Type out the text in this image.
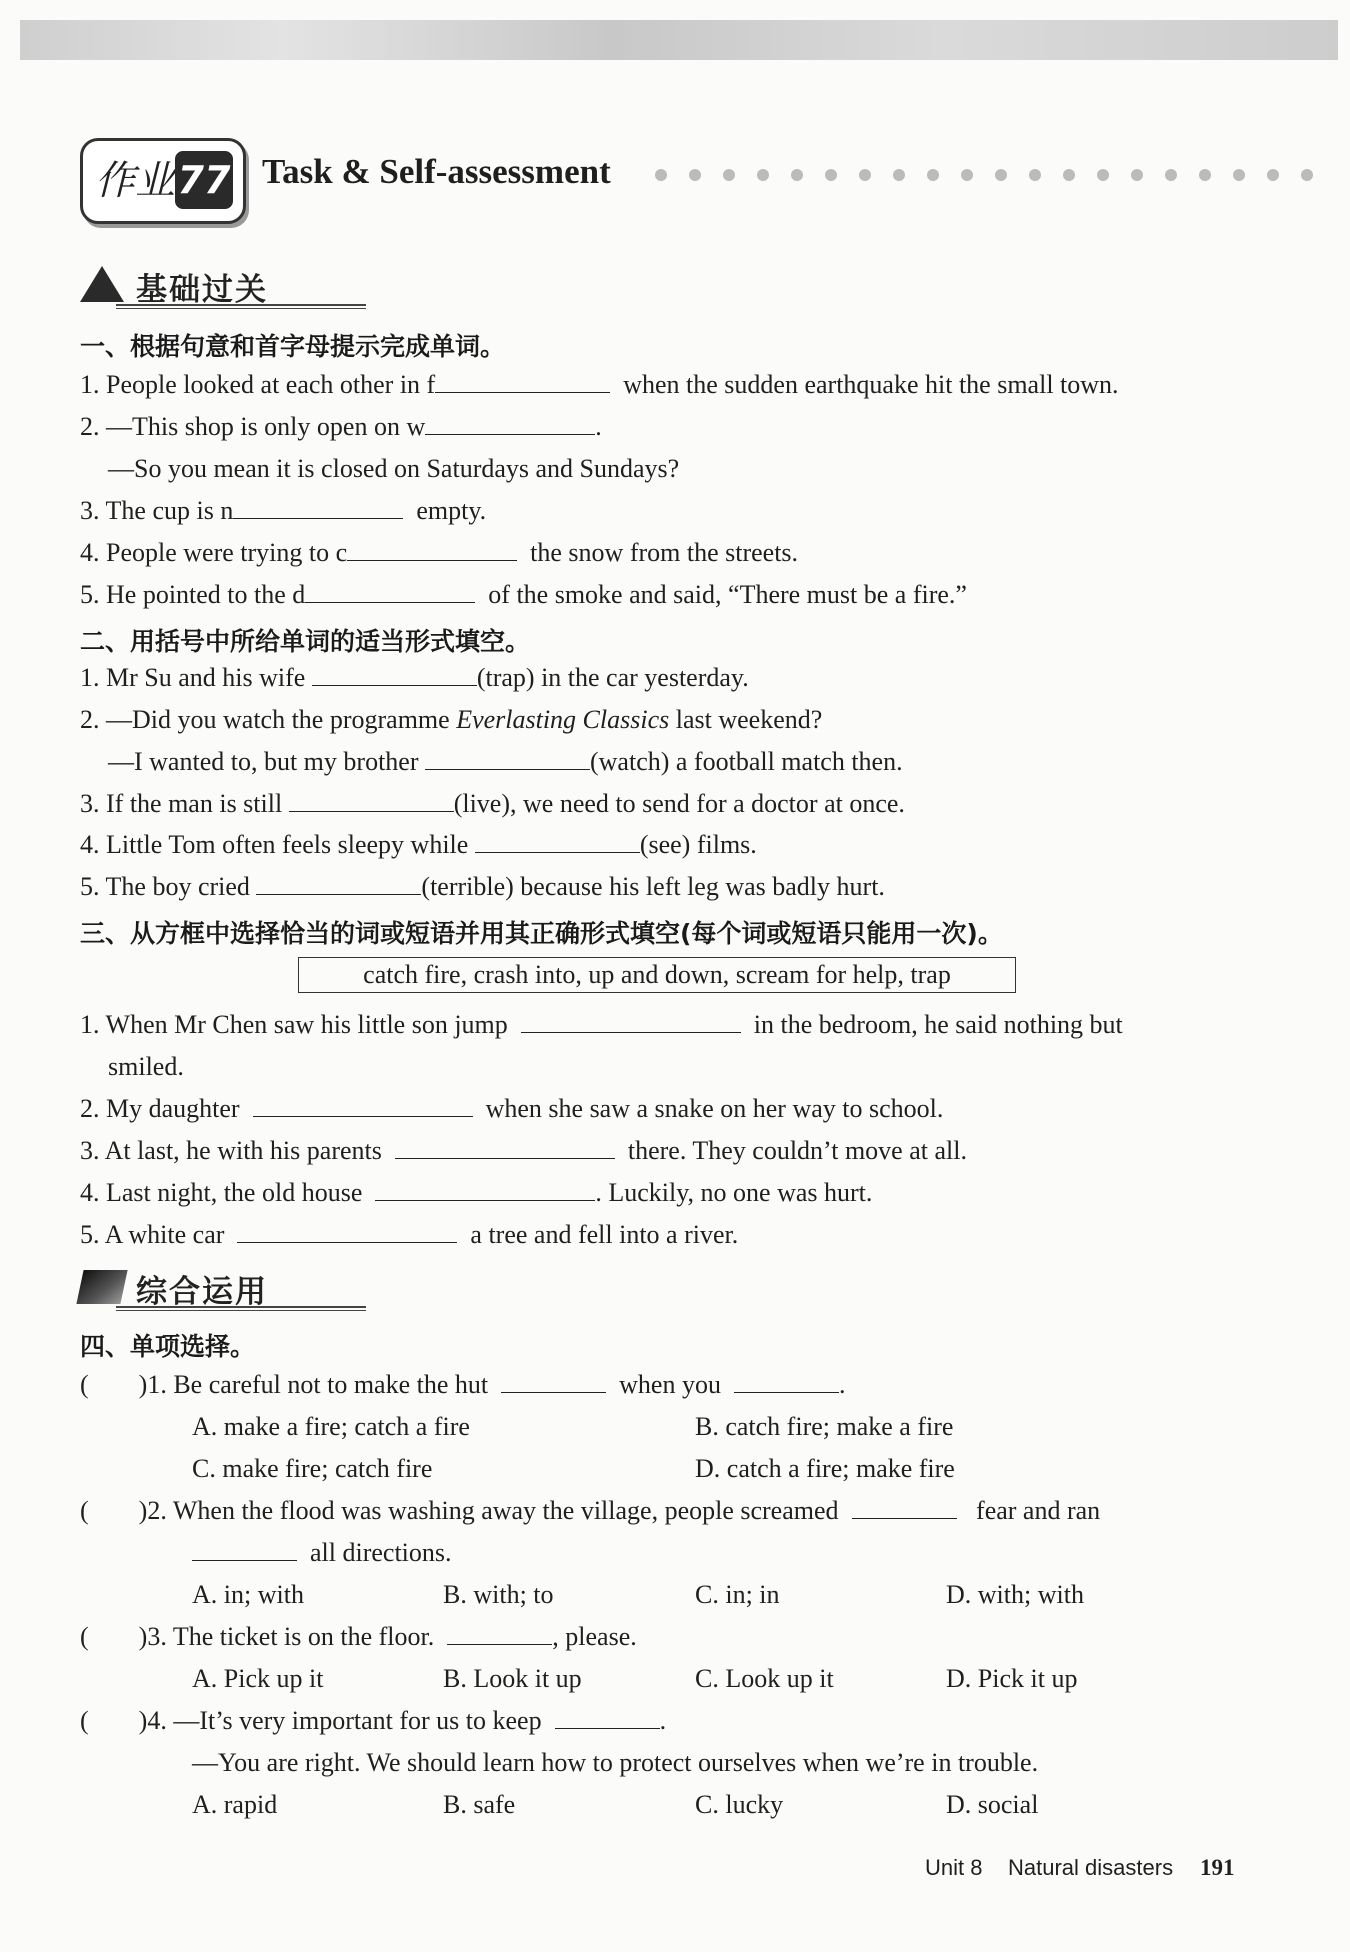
作业 77 Task & Self-assessment
基础过关
一、根据句意和首字母提示完成单词。
1. People looked at each other in f	when the sudden earthquake hit the small town.
2. —This shop is only open on w	.
—So you mean it is closed on Saturdays and Sundays?
3. The cup is n	empty.
4. People were trying to c	the snow from the streets.
5. He pointed to the d	of the smoke and said, “There must be a fire.”
二、用括号中所给单词的适当形式填空。
1. Mr Su and his wife	(trap) in the car yesterday.
2. —Did you watch the programme Everlasting Classics last weekend?
—I wanted to, but my brother	(watch) a football match then.
3. If the man is still	(live), we need to send for a doctor at once.
4. Little Tom often feels sleepy while	(see) films.
5. The boy cried	(terrible) because his left leg was badly hurt.
三、从方框中选择恰当的词或短语并用其正确形式填空(每个词或短语只能用一次)。
catch fire, crash into, up and down, scream for help, trap
1. When Mr Chen saw his little son jump	in the bedroom, he said nothing but
smiled.
2. My daughter	when she saw a snake on her way to school.
3. At last, he with his parents	there. They couldn’t move at all.
4. Last night, the old house	. Luckily, no one was hurt.
5. A white car	a tree and fell into a river.
综合运用
四、单项选择。
( )1. Be careful not to make the hut	when you	.
A. make a fire; catch a fire	B. catch fire; make a fire
C. make fire; catch fire	D. catch a fire; make fire
( )2. When the flood was washing away the village, people screamed	fear and ran
all directions.
A. in; with	B. with; to	C. in; in	D. with; with
( )3. The ticket is on the floor.	, please.
A. Pick up it	B. Look it up	C. Look up it	D. Pick it up
( )4. —It’s very important for us to keep	.
—You are right. We should learn how to protect ourselves when we’re in trouble.
A. rapid	B. safe	C. lucky	D. social
Unit 8 Natural disasters 191
